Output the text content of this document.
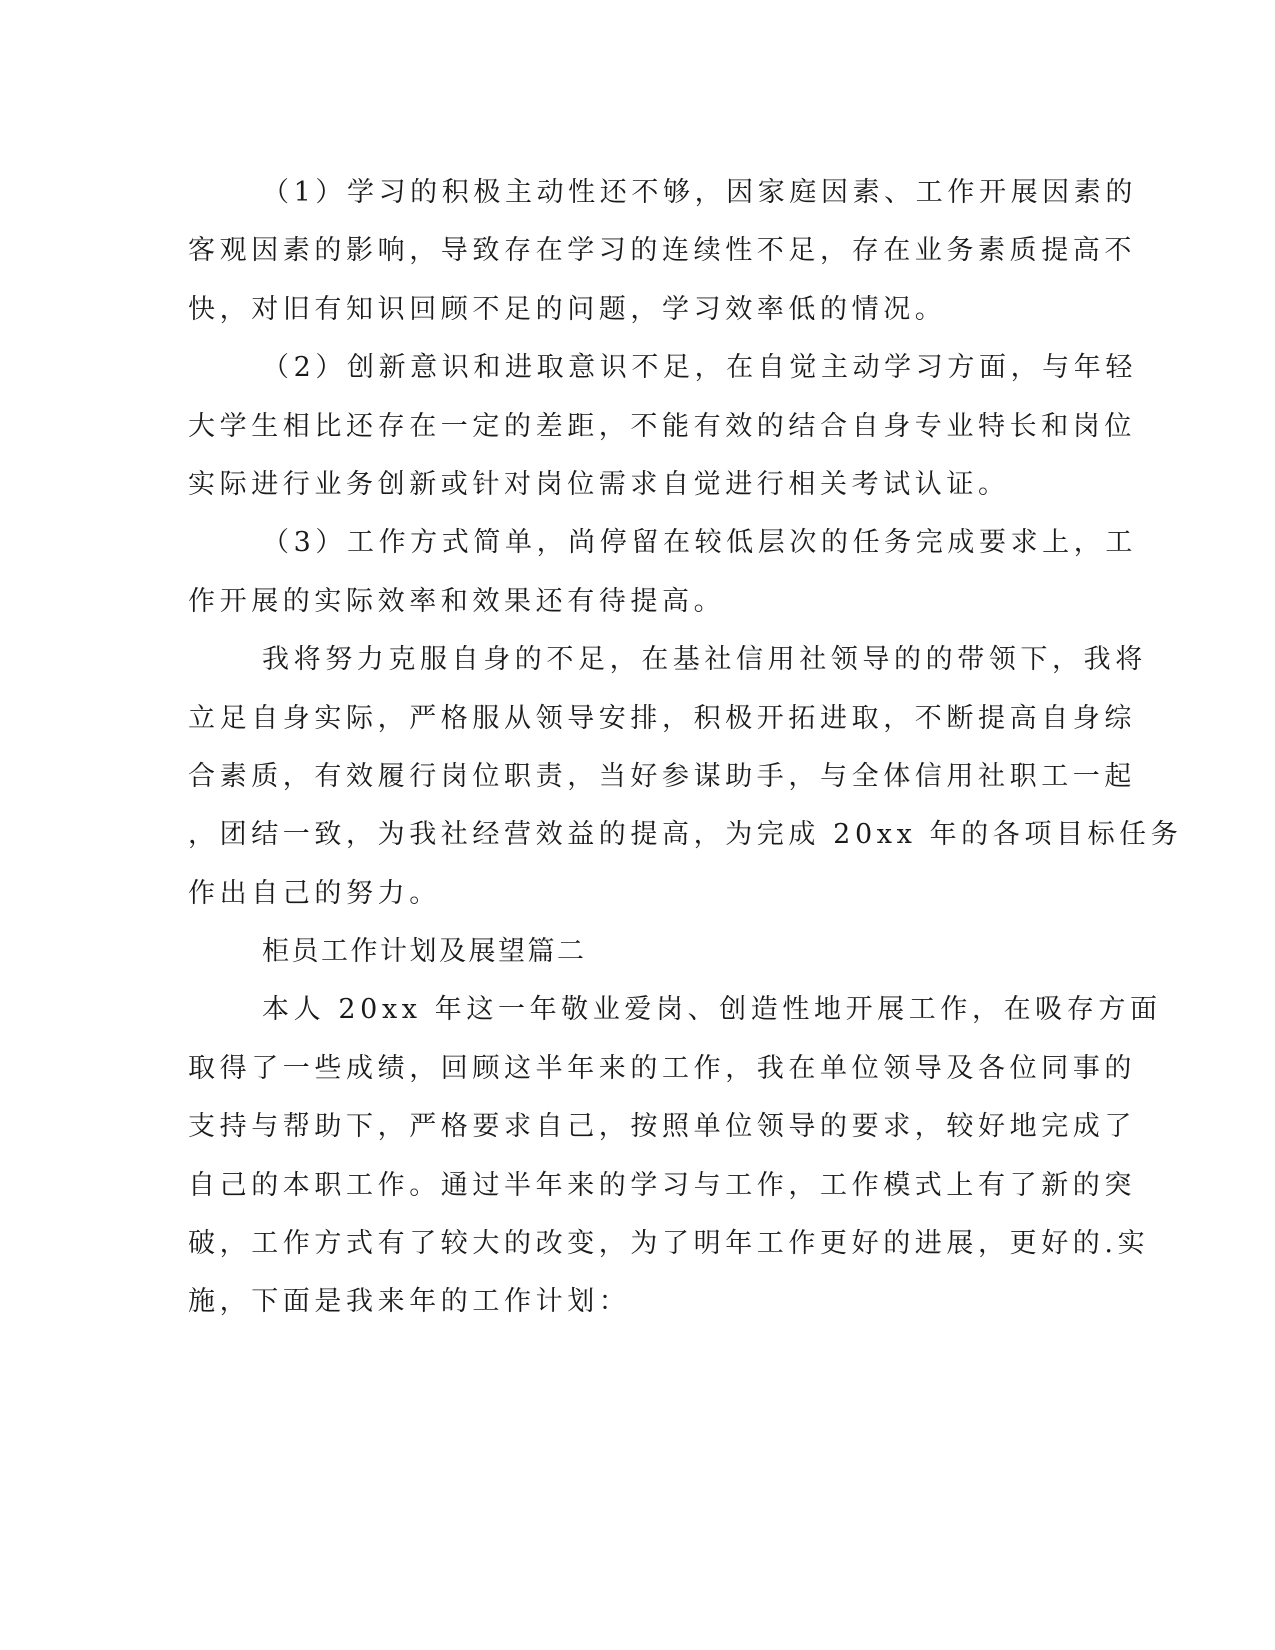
（1）学习的积极主动性还不够，因家庭因素、工作开展因素的
客观因素的影响，导致存在学习的连续性不足，存在业务素质提高不
快，对旧有知识回顾不足的问题，学习效率低的情况。
（2）创新意识和进取意识不足，在自觉主动学习方面，与年轻
大学生相比还存在一定的差距，不能有效的结合自身专业特长和岗位
实际进行业务创新或针对岗位需求自觉进行相关考试认证。
（3）工作方式简单，尚停留在较低层次的任务完成要求上，工
作开展的实际效率和效果还有待提高。
我将努力克服自身的不足，在基社信用社领导的的带领下，我将
立足自身实际，严格服从领导安排，积极开拓进取，不断提高自身综
合素质，有效履行岗位职责，当好参谋助手，与全体信用社职工一起
，团结一致，为我社经营效益的提高，为完成 20xx 年的各项目标任务
作出自己的努力。
柜员工作计划及展望篇二
本人 20xx 年这一年敬业爱岗、创造性地开展工作，在吸存方面
取得了一些成绩，回顾这半年来的工作，我在单位领导及各位同事的
支持与帮助下，严格要求自己，按照单位领导的要求，较好地完成了
自己的本职工作。通过半年来的学习与工作，工作模式上有了新的突
破，工作方式有了较大的改变，为了明年工作更好的进展，更好的.实
施，下面是我来年的工作计划：
